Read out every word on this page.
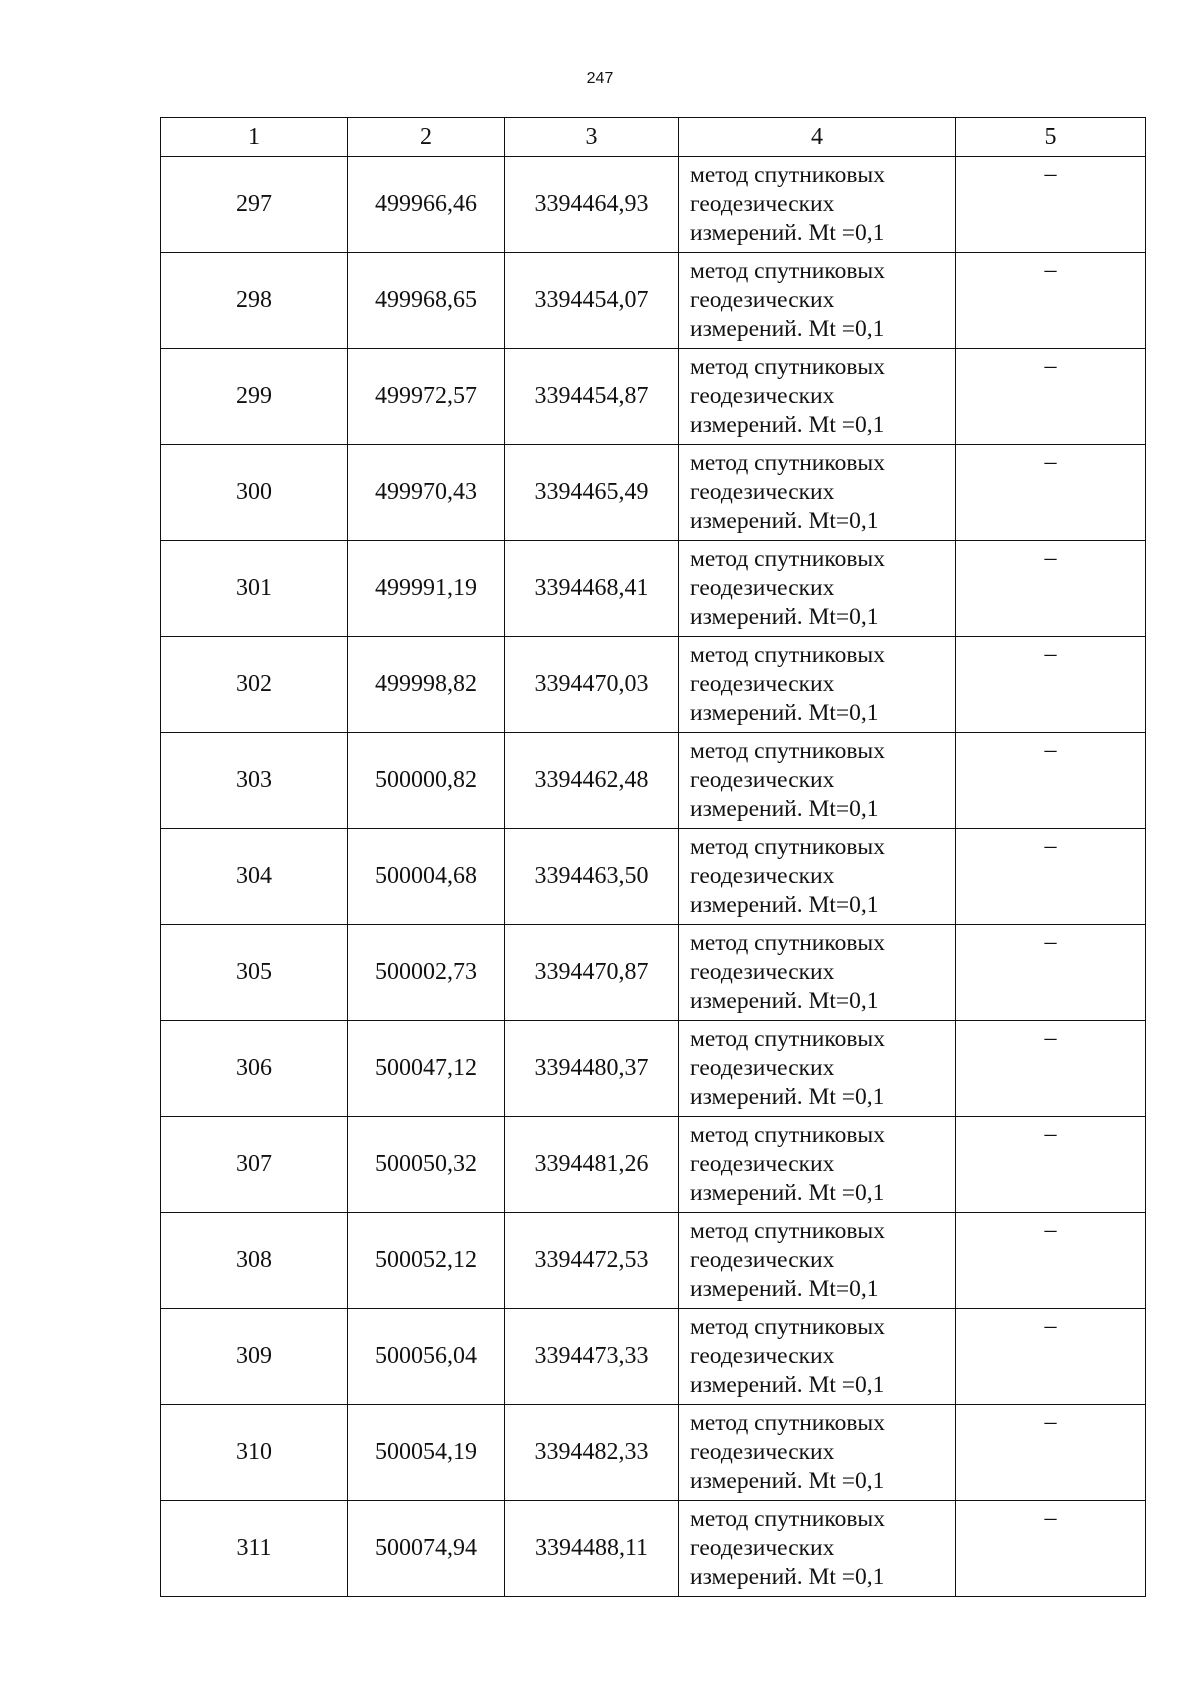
247
1	2	3	4	5
297	499966,46	3394464,93	метод спутниковых
геодезических
измерений. Mt =0,1	–
298	499968,65	3394454,07	метод спутниковых
геодезических
измерений. Mt =0,1	–
299	499972,57	3394454,87	метод спутниковых
геодезических
измерений. Mt =0,1	–
300	499970,43	3394465,49	метод спутниковых
геодезических
измерений. Mt=0,1	–
301	499991,19	3394468,41	метод спутниковых
геодезических
измерений. Mt=0,1	–
302	499998,82	3394470,03	метод спутниковых
геодезических
измерений. Mt=0,1	–
303	500000,82	3394462,48	метод спутниковых
геодезических
измерений. Mt=0,1	–
304	500004,68	3394463,50	метод спутниковых
геодезических
измерений. Mt=0,1	–
305	500002,73	3394470,87	метод спутниковых
геодезических
измерений. Mt=0,1	–
306	500047,12	3394480,37	метод спутниковых
геодезических
измерений. Mt =0,1	–
307	500050,32	3394481,26	метод спутниковых
геодезических
измерений. Mt =0,1	–
308	500052,12	3394472,53	метод спутниковых
геодезических
измерений. Mt=0,1	–
309	500056,04	3394473,33	метод спутниковых
геодезических
измерений. Mt =0,1	–
310	500054,19	3394482,33	метод спутниковых
геодезических
измерений. Mt =0,1	–
311	500074,94	3394488,11	метод спутниковых
геодезических
измерений. Mt =0,1	–
